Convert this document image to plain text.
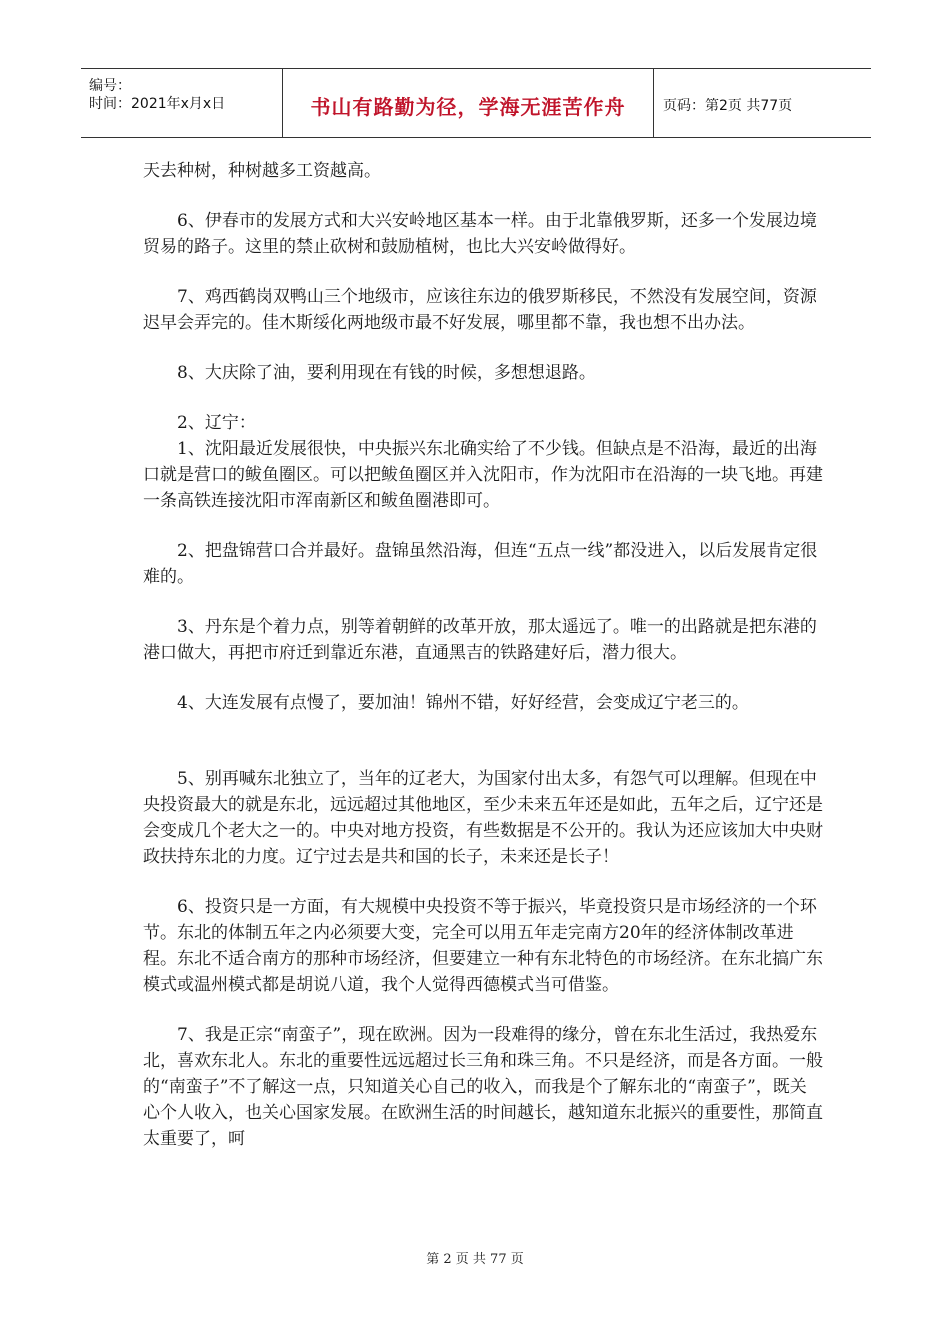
编号：
时间：2021年x月x日	书山有路勤为径，学海无涯苦作舟	页码：第2页 共77页

天去种树，种树越多工资越高。

6、伊春市的发展方式和大兴安岭地区基本一样。由于北靠俄罗斯，还多一个发展边境贸易的路子。这里的禁止砍树和鼓励植树，也比大兴安岭做得好。

7、鸡西鹤岗双鸭山三个地级市，应该往东边的俄罗斯移民，不然没有发展空间，资源迟早会弄完的。佳木斯绥化两地级市最不好发展，哪里都不靠，我也想不出办法。

8、大庆除了油，要利用现在有钱的时候，多想想退路。

2、辽宁：

1、沈阳最近发展很快，中央振兴东北确实给了不少钱。但缺点是不沿海，最近的出海口就是营口的鲅鱼圈区。可以把鲅鱼圈区并入沈阳市，作为沈阳市在沿海的一块飞地。再建一条高铁连接沈阳市浑南新区和鲅鱼圈港即可。

2、把盘锦营口合并最好。盘锦虽然沿海，但连“五点一线”都没进入，以后发展肯定很难的。

3、丹东是个着力点，别等着朝鲜的改革开放，那太遥远了。唯一的出路就是把东港的港口做大，再把市府迁到靠近东港，直通黑吉的铁路建好后，潜力很大。

4、大连发展有点慢了，要加油！锦州不错，好好经营，会变成辽宁老三的。

5、别再喊东北独立了，当年的辽老大，为国家付出太多，有怨气可以理解。但现在中央投资最大的就是东北，远远超过其他地区，至少未来五年还是如此，五年之后，辽宁还是会变成几个老大之一的。中央对地方投资，有些数据是不公开的。我认为还应该加大中央财政扶持东北的力度。辽宁过去是共和国的长子，未来还是长子！

6、投资只是一方面，有大规模中央投资不等于振兴，毕竟投资只是市场经济的一个环节。东北的体制五年之内必须要大变，完全可以用五年走完南方20年的经济体制改革进程。东北不适合南方的那种市场经济，但要建立一种有东北特色的市场经济。在东北搞广东模式或温州模式都是胡说八道，我个人觉得西德模式当可借鉴。

7、我是正宗“南蛮子”，现在欧洲。因为一段难得的缘分，曾在东北生活过，我热爱东北，喜欢东北人。东北的重要性远远超过长三角和珠三角。不只是经济，而是各方面。一般的“南蛮子”不了解这一点，只知道关心自己的收入，而我是个了解东北的“南蛮子”，既关心个人收入，也关心国家发展。在欧洲生活的时间越长，越知道东北振兴的重要性，那简直太重要了，呵

第 2 页 共 77 页
